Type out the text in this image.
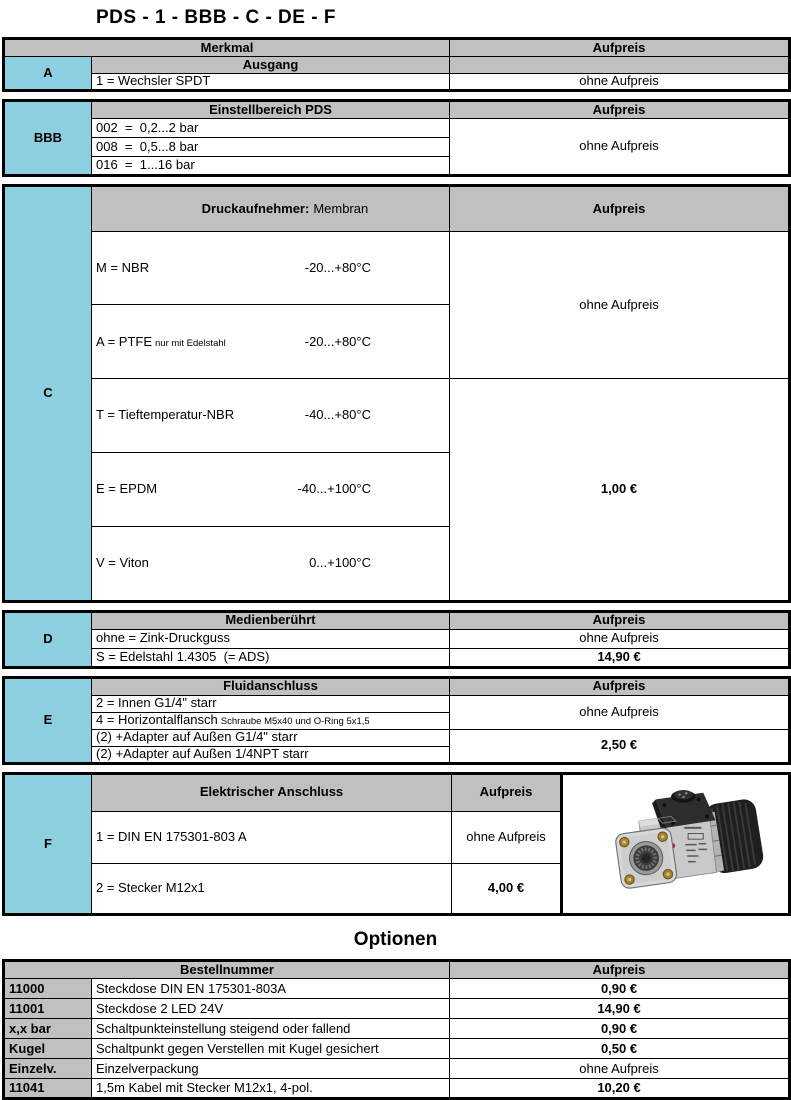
PDS - 1 - BBB - C - DE - F
Merkmal		Aufpreis
A	Ausgang	
	1 = Wechsler SPDT	ohne Aufpreis
BBB	Einstellbereich PDS	Aufpreis
	002  =  0,2...2 bar	ohne Aufpreis
	008  =  0,5...8 bar	
	016  =  1...16 bar	
C	Druckaufnehmer: Membran	Aufpreis

	M = NBR -20...+80°C	ohne Aufpreis

	A = PTFE nur mit Edelstahl -20...+80°C	

	T = Tieftemperatur-NBR -40...+80°C	1,00 €

	E = EPDM -40...+100°C	

	V = Viton 0...+100°C	

D	Medienberührt	Aufpreis
	ohne = Zink-Druckguss	ohne Aufpreis
	S = Edelstahl 1.4305  (= ADS)	14,90 €
E	Fluidanschluss	Aufpreis
	2 = Innen G1/4" starr	ohne Aufpreis
	4 = Horizontalflansch Schraube M5x40 und O-Ring 5x1,5	
	(2) +Adapter auf Außen G1/4" starr	2,50 €
	(2) +Adapter auf Außen 1/4NPT starr	
F	Elektrischer Anschluss	Aufpreis	

	1 = DIN EN 175301-803 A	ohne Aufpreis	
	2 = Stecker M12x1	4,00 €	
Optionen
Bestellnummer		Aufpreis
11000	Steckdose DIN EN 175301-803A	0,90 €
11001	Steckdose 2 LED 24V	14,90 €
x,x bar	Schaltpunkteinstellung steigend oder fallend	0,90 €
Kugel	Schaltpunkt gegen Verstellen mit Kugel gesichert	0,50 €
Einzelv.	Einzelverpackung	ohne Aufpreis
11041	1,5m Kabel mit Stecker M12x1, 4-pol.	10,20 €
